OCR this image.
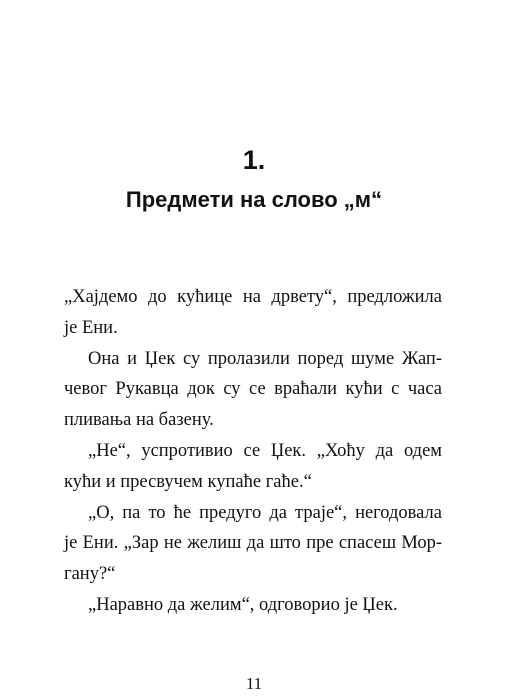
1.
Предмети на слово „м“
„Хајдемо до кућице на дрвету“, предложила
је Ени.
Она и Џек су пролазили поред шуме Жап-
чевог Рукавца док су се враћали кући с часа
пливања на базену.
„Не“, успротивио се Џек. „Хоћу да одем
кући и пресвучем купаће гаће.“
„О, па то ће предуго да траје“, негодовала
је Ени. „Зар не желиш да што пре спасеш Мор-
гану?“
„Наравно да желим“, одговорио је Џек.
11
